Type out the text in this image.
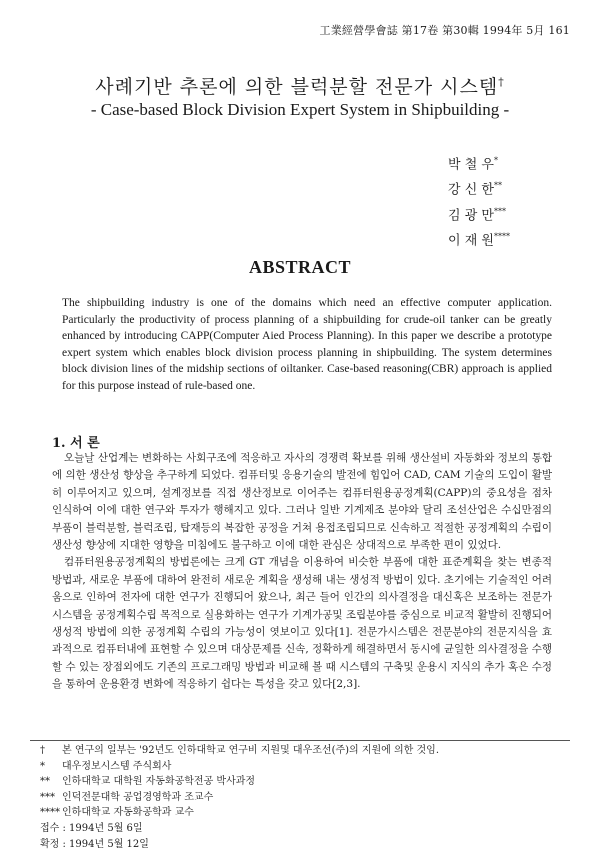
工業經營學會誌 第17卷 第30輯 1994年 5月 161
사례기반 추론에 의한 블럭분할 전문가 시스템†
- Case-based Block Division Expert System in Shipbuilding -
박 철 우*
강 신 한**
김 광 만***
이 재 원****
ABSTRACT
The shipbuilding industry is one of the domains which need an effective computer application. Particularly the productivity of process planning of a shipbuilding for crude-oil tanker can be greatly enhanced by introducing CAPP(Computer Aied Process Planning). In this paper we describe a prototype expert system which enables block division process planning in shipbuilding. The system determines block division lines of the midship sections of oiltanker. Case-based reasoning(CBR) approach is applied for this purpose instead of rule-based one.
1. 서 론

오늘날 산업계는 변화하는 사회구조에 적응하고 자사의 경쟁력 확보를 위해 생산설비 자동화와 정보의 통합에 의한 생산성 향상을 추구하게 되었다. 컴퓨터및 응용기술의 발전에 힘입어 CAD, CAM 기술의 도입이 활발히 이루어지고 있으며, 설계정보를 직접 생산정보로 이어주는 컴퓨터원용공정계획(CAPP)의 중요성을 점차 인식하여 이에 대한 연구와 투자가 행해지고 있다. 그러나 일반 기계제조 분야와 달리 조선산업은 수십만점의 부품이 블럭분할, 블럭조립, 탑재등의 복잡한 공정을 거쳐 용접조립되므로 신속하고 적절한 공정계획의 수립이 생산성 향상에 지대한 영향을 미침에도 불구하고 이에 대한 관심은 상대적으로 부족한 편이 있었다.

컴퓨터원용공정계획의 방법론에는 크게 GT 개념을 이용하여 비슷한 부품에 대한 표준계획을 찾는 변종적 방법과, 새로운 부품에 대하여 완전히 새로운 계획을 생성해 내는 생성적 방법이 있다. 초기에는 기술적인 어려움으로 인하여 전자에 대한 연구가 진행되어 왔으나, 최근 들어 인간의 의사결정을 대신혹은 보조하는 전문가시스템을 공정계획수립 목적으로 실용화하는 연구가 기계가공및 조립분야를 중심으로 비교적 활발히 진행되어 생성적 방법에 의한 공정계획 수립의 가능성이 엿보이고 있다[1]. 전문가시스템은 전문분야의 전문지식을 효과적으로 컴퓨터내에 표현할 수 있으며 대상문제를 신속, 정확하게 해결하면서 동시에 균일한 의사결정을 수행할 수 있는 장점외에도 기존의 프로그래밍 방법과 비교해 볼 때 시스템의 구축및 운용시 지식의 추가 혹은 수정을 통하여 운용환경 변화에 적응하기 쉽다는 특성을 갖고 있다[2,3].

† 본 연구의 일부는 '92년도 인하대학교 연구비 지원및 대우조선(주)의 지원에 의한 것임.
* 대우정보시스템 주식회사
** 인하대학교 대학원 자동화공학전공 박사과정
*** 인덕전문대학 공업경영학과 조교수
**** 인하대학교 자동화공학과 교수
접수 : 1994년 5월 6일
확정 : 1994년 5월 12일
